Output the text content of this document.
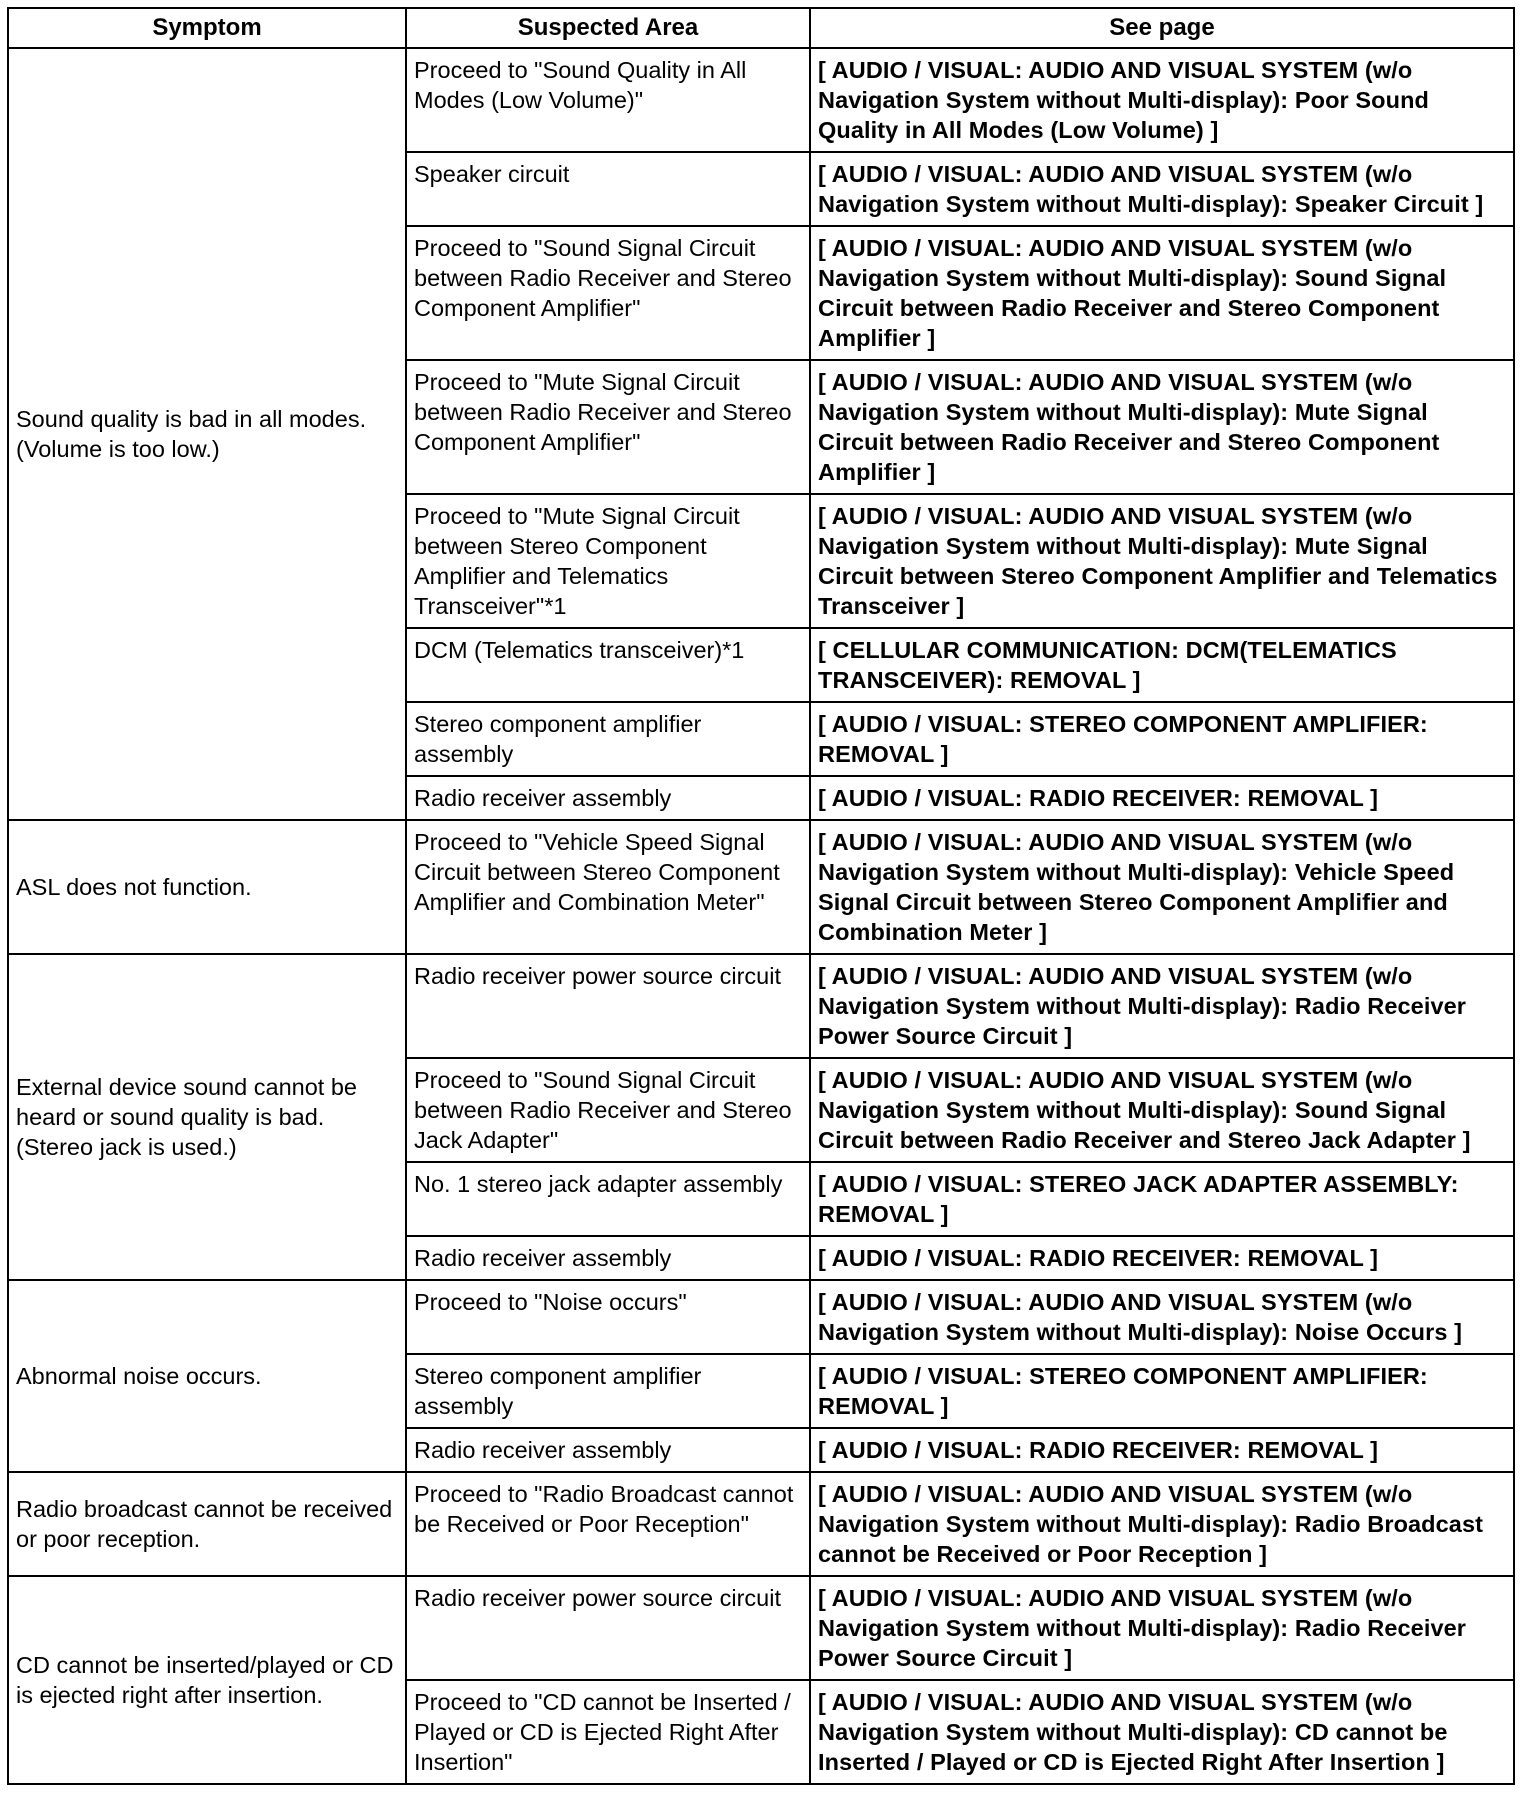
Symptom	Suspected Area	See page
Sound quality is bad in all modes. (Volume is too low.)	Proceed to "Sound Quality in All Modes (Low Volume)"	[ AUDIO / VISUAL: AUDIO AND VISUAL SYSTEM (w/o Navigation System without Multi-display): Poor Sound Quality in All Modes (Low Volume) ]
	Speaker circuit	[ AUDIO / VISUAL: AUDIO AND VISUAL SYSTEM (w/o Navigation System without Multi-display): Speaker Circuit ]
	Proceed to "Sound Signal Circuit between Radio Receiver and Stereo Component Amplifier"	[ AUDIO / VISUAL: AUDIO AND VISUAL SYSTEM (w/o Navigation System without Multi-display): Sound Signal Circuit between Radio Receiver and Stereo Component Amplifier ]
	Proceed to "Mute Signal Circuit between Radio Receiver and Stereo Component Amplifier"	[ AUDIO / VISUAL: AUDIO AND VISUAL SYSTEM (w/o Navigation System without Multi-display): Mute Signal Circuit between Radio Receiver and Stereo Component Amplifier ]
	Proceed to "Mute Signal Circuit between Stereo Component Amplifier and Telematics Transceiver"*1	[ AUDIO / VISUAL: AUDIO AND VISUAL SYSTEM (w/o Navigation System without Multi-display): Mute Signal Circuit between Stereo Component Amplifier and Telematics Transceiver ]
	DCM (Telematics transceiver)*1	[ CELLULAR COMMUNICATION: DCM(TELEMATICS TRANSCEIVER): REMOVAL ]
	Stereo component amplifier assembly	[ AUDIO / VISUAL: STEREO COMPONENT AMPLIFIER: REMOVAL ]
	Radio receiver assembly	[ AUDIO / VISUAL: RADIO RECEIVER: REMOVAL ]
ASL does not function.	Proceed to "Vehicle Speed Signal Circuit between Stereo Component Amplifier and Combination Meter"	[ AUDIO / VISUAL: AUDIO AND VISUAL SYSTEM (w/o Navigation System without Multi-display): Vehicle Speed Signal Circuit between Stereo Component Amplifier and Combination Meter ]
External device sound cannot be heard or sound quality is bad. (Stereo jack is used.)	Radio receiver power source circuit	[ AUDIO / VISUAL: AUDIO AND VISUAL SYSTEM (w/o Navigation System without Multi-display): Radio Receiver Power Source Circuit ]
	Proceed to "Sound Signal Circuit between Radio Receiver and Stereo Jack Adapter"	[ AUDIO / VISUAL: AUDIO AND VISUAL SYSTEM (w/o Navigation System without Multi-display): Sound Signal Circuit between Radio Receiver and Stereo Jack Adapter ]
	No. 1 stereo jack adapter assembly	[ AUDIO / VISUAL: STEREO JACK ADAPTER ASSEMBLY: REMOVAL ]
	Radio receiver assembly	[ AUDIO / VISUAL: RADIO RECEIVER: REMOVAL ]
Abnormal noise occurs.	Proceed to "Noise occurs"	[ AUDIO / VISUAL: AUDIO AND VISUAL SYSTEM (w/o Navigation System without Multi-display): Noise Occurs ]
	Stereo component amplifier assembly	[ AUDIO / VISUAL: STEREO COMPONENT AMPLIFIER: REMOVAL ]
	Radio receiver assembly	[ AUDIO / VISUAL: RADIO RECEIVER: REMOVAL ]
Radio broadcast cannot be received or poor reception.	Proceed to "Radio Broadcast cannot be Received or Poor Reception"	[ AUDIO / VISUAL: AUDIO AND VISUAL SYSTEM (w/o Navigation System without Multi-display): Radio Broadcast cannot be Received or Poor Reception ]
CD cannot be inserted/played or CD is ejected right after insertion.	Radio receiver power source circuit	[ AUDIO / VISUAL: AUDIO AND VISUAL SYSTEM (w/o Navigation System without Multi-display): Radio Receiver Power Source Circuit ]
	Proceed to "CD cannot be Inserted / Played or CD is Ejected Right After Insertion"	[ AUDIO / VISUAL: AUDIO AND VISUAL SYSTEM (w/o Navigation System without Multi-display): CD cannot be Inserted / Played or CD is Ejected Right After Insertion ]
